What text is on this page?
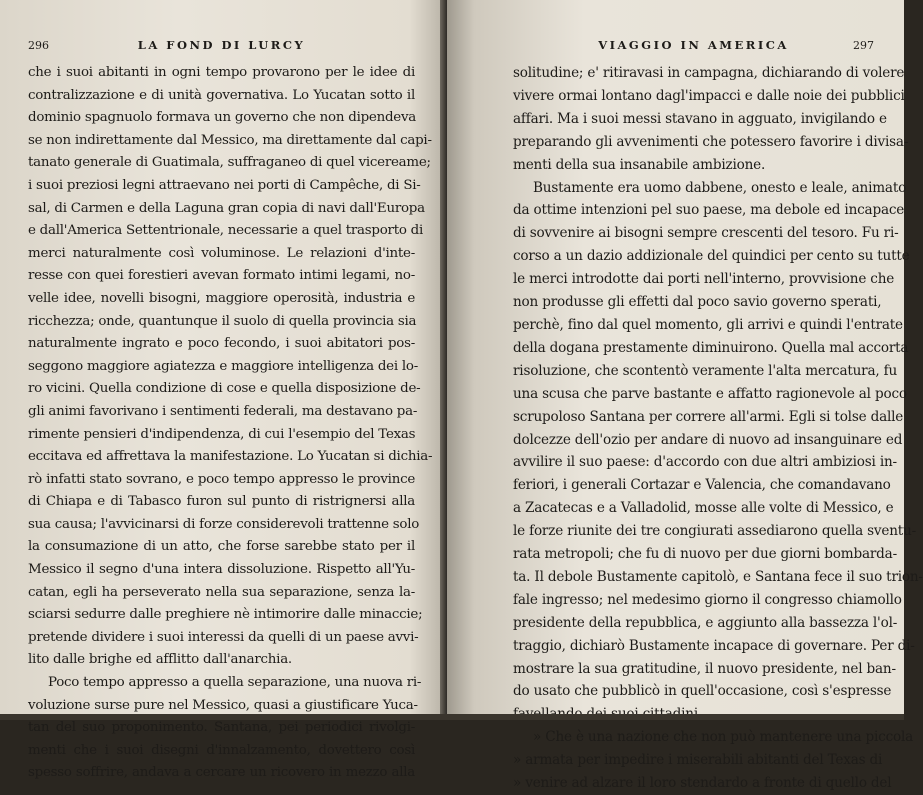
296	LA FOND DI LURCY

che i suoi abitanti in ogni tempo provarono per le idee di
contralizzazione e di unità governativa. Lo Yucatan sotto il
dominio spagnuolo formava un governo che non dipendeva
se non indirettamente dal Messico, ma direttamente dal capi-
tanato generale di Guatimala, suffraganeo di quel vicereame;
i suoi preziosi legni attraevano nei porti di Campêche, di Si-
sal, di Carmen e della Laguna gran copia di navi dall'Europa
e dall'America Settentrionale, necessarie a quel trasporto di
merci naturalmente così voluminose. Le relazioni d'inte-
resse con quei forestieri avevan formato intimi legami, no-
velle idee, novelli bisogni, maggiore operosità, industria e
ricchezza; onde, quantunque il suolo di quella provincia sia
naturalmente ingrato e poco fecondo, i suoi abitatori pos-
seggono maggiore agiatezza e maggiore intelligenza dei lo-
ro vicini. Quella condizione di cose e quella disposizione de-
gli animi favorivano i sentimenti federali, ma destavano pa-
rimente pensieri d'indipendenza, di cui l'esempio del Texas
eccitava ed affrettava la manifestazione. Lo Yucatan si dichia-
rò infatti stato sovrano, e poco tempo appresso le province
di Chiapa e di Tabasco furon sul punto di ristrignersi alla
sua causa; l'avvicinarsi di forze considerevoli trattenne solo
la consumazione di un atto, che forse sarebbe stato per il
Messico il segno d'una intera dissoluzione. Rispetto all'Yu-
catan, egli ha perseverato nella sua separazione, senza la-
sciarsi sedurre dalle preghiere nè intimorire dalle minaccie;
pretende dividere i suoi interessi da quelli di un paese avvi-
lito dalle brighe ed afflitto dall'anarchia.

Poco tempo appresso a quella separazione, una nuova ri-
voluzione surse pure nel Messico, quasi a giustificare Yuca-
tan del suo proponimento. Santana, pei periodici rivolgi-
menti che i suoi disegni d'innalzamento, dovettero così
spesso soffrire, andava a cercare un ricovero in mezzo alla

VIAGGIO IN AMERICA	297

solitudine; e' ritiravasi in campagna, dichiarando di volere
vivere ormai lontano dagl'impacci e dalle noie dei pubblici
affari. Ma i suoi messi stavano in agguato, invigilando e
preparando gli avvenimenti che potessero favorire i divisa-
menti della sua insanabile ambizione.

Bustamente era uomo dabbene, onesto e leale, animato
da ottime intenzioni pel suo paese, ma debole ed incapace
di sovvenire ai bisogni sempre crescenti del tesoro. Fu ri-
corso a un dazio addizionale del quindici per cento su tutte
le merci introdotte dai porti nell'interno, provvisione che
non produsse gli effetti dal poco savio governo sperati,
perchè, fino dal quel momento, gli arrivi e quindi l'entrate
della dogana prestamente diminuirono. Quella mal accorta
risoluzione, che scontentò veramente l'alta mercatura, fu
una scusa che parve bastante e affatto ragionevole al poco
scrupoloso Santana per correre all'armi. Egli si tolse dalle
dolcezze dell'ozio per andare di nuovo ad insanguinare ed
avvilire il suo paese: d'accordo con due altri ambiziosi in-
feriori, i generali Cortazar e Valencia, che comandavano
a Zacatecas e a Valladolid, mosse alle volte di Messico, e
le forze riunite dei tre congiurati assediarono quella sventu-
rata metropoli; che fu di nuovo per due giorni bombarda-
ta. Il debole Bustamente capitolò, e Santana fece il suo trion-
fale ingresso; nel medesimo giorno il congresso chiamollo
presidente della repubblica, e aggiunto alla bassezza l'ol-
traggio, dichiarò Bustamente incapace di governare. Per di-
mostrare la sua gratitudine, il nuovo presidente, nel ban-
do usato che pubblicò in quell'occasione, così s'espresse

» Che è una nazione che non può mantenere una piccola
» armata per impedire i miserabili abitanti del Texas di
» venire ad alzare il loro stendardo a fronte di quello del
